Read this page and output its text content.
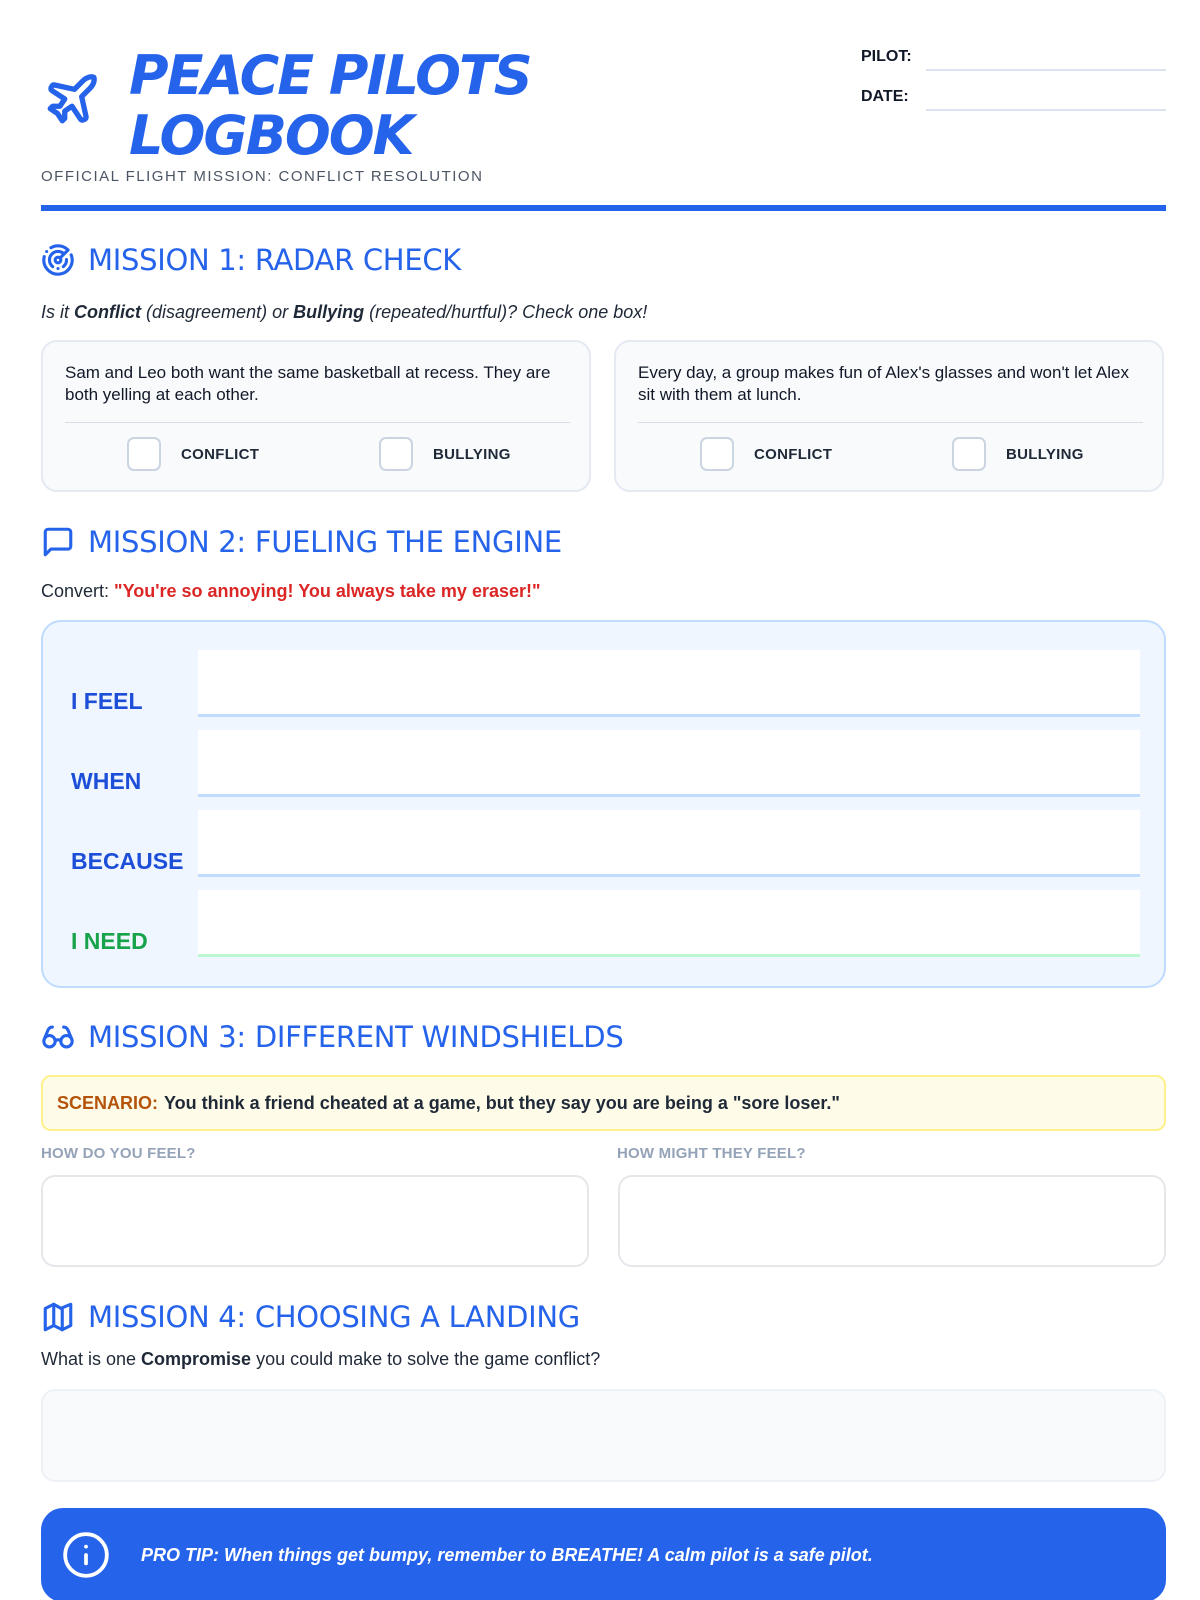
PEACE PILOTS
LOGBOOK
OFFICIAL FLIGHT MISSION: CONFLICT RESOLUTION
PILOT:
DATE:
MISSION 1: RADAR CHECK
Is it Conflict (disagreement) or Bullying (repeated/hurtful)? Check one box!
Sam and Leo both want the same basketball at recess. They are both yelling at each other.
CONFLICT	BULLYING
Every day, a group makes fun of Alex's glasses and won't let Alex sit with them at lunch.
CONFLICT	BULLYING
MISSION 2: FUELING THE ENGINE
Convert: "You're so annoying! You always take my eraser!"
I FEEL
WHEN
BECAUSE
I NEED
MISSION 3: DIFFERENT WINDSHIELDS
SCENARIO: You think a friend cheated at a game, but they say you are being a "sore loser."
HOW DO YOU FEEL?	HOW MIGHT THEY FEEL?
MISSION 4: CHOOSING A LANDING
What is one Compromise you could make to solve the game conflict?
PRO TIP: When things get bumpy, remember to BREATHE! A calm pilot is a safe pilot.
